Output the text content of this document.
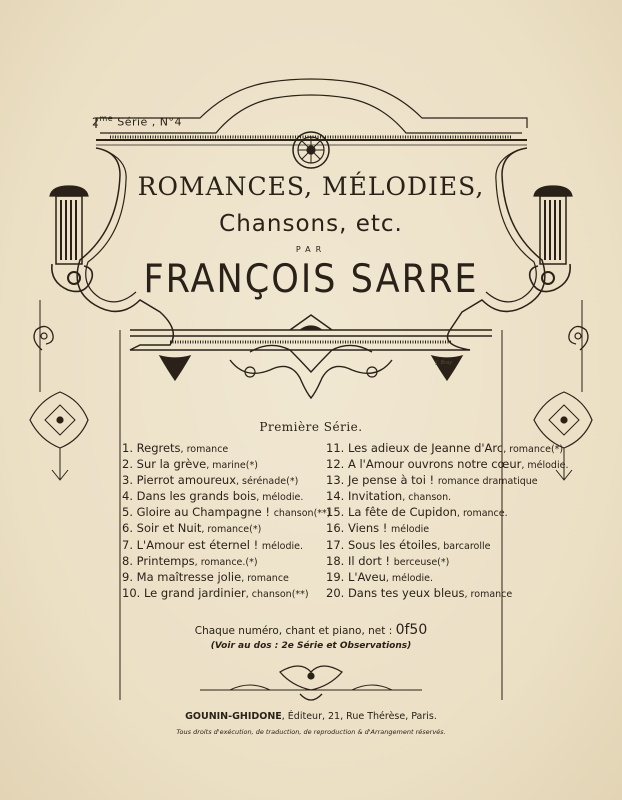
$2^{me}$ Série , N°4
ROMANCES, MÉLODIES,
Chansons, etc.
PAR
FRANÇOIS SARRE
J. Bray
Première Série.
1. Regrets, romance
2. Sur la grève, marine(*)
3. Pierrot amoureux, sérénade(*)
4. Dans les grands bois, mélodie.
5. Gloire au Champagne ! chanson(**)
6. Soir et Nuit, romance(*)
7. L'Amour est éternel ! mélodie.
8. Printemps, romance.(*)
9. Ma maîtresse jolie, romance
10. Le grand jardinier, chanson(**)
11. Les adieux de Jeanne d'Arc, romance(*)
12. A l'Amour ouvrons notre cœur, mélodie.
13. Je pense à toi ! romance dramatique
14. Invitation, chanson.
15. La fête de Cupidon, romance.
16. Viens ! mélodie
17. Sous les étoiles, barcarolle
18. Il dort ! berceuse(*)
19. L'Aveu, mélodie.
20. Dans tes yeux bleus, romance
Chaque numéro, chant et piano, net : 0f50
(Voir au dos : 2e Série et Observations)
GOUNIN-GHIDONE, Éditeur, 21, Rue Thérèse, Paris.
Tous droits d'exécution, de traduction, de reproduction & d'Arrangement réservés.
